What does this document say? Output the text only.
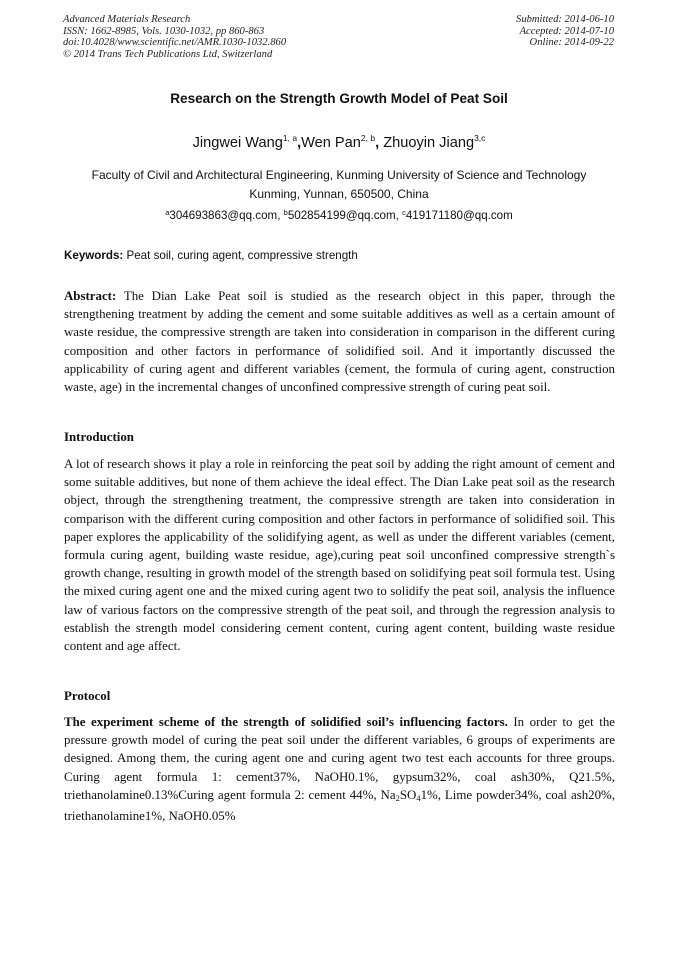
Advanced Materials Research
ISSN: 1662-8985, Vols. 1030-1032, pp 860-863
doi:10.4028/www.scientific.net/AMR.1030-1032.860
© 2014 Trans Tech Publications Ltd, Switzerland
Submitted: 2014-06-10
Accepted: 2014-07-10
Online: 2014-09-22
Research on the Strength Growth Model of Peat Soil
Jingwei Wang$^{1, a}$,Wen Pan$^{2, b}$, Zhuoyin Jiang$^{3,c}$
Faculty of Civil and Architectural Engineering, Kunming University of Science and Technology
Kunming, Yunnan, 650500, China
$^a$304693863@qq.com, $^b$502854199@qq.com, $^c$419171180@qq.com
Keywords: Peat soil, curing agent, compressive strength
Abstract: The Dian Lake Peat soil is studied as the research object in this paper, through the strengthening treatment by adding the cement and some suitable additives as well as a certain amount of waste residue, the compressive strength are taken into consideration in comparison in the different curing composition and other factors in performance of solidified soil. And it importantly discussed the applicability of curing agent and different variables (cement, the formula of curing agent, construction waste, age) in the incremental changes of unconfined compressive strength of curing peat soil.
Introduction
A lot of research shows it play a role in reinforcing the peat soil by adding the right amount of cement and some suitable additives, but none of them achieve the ideal effect. The Dian Lake peat soil as the research object, through the strengthening treatment, the compressive strength are taken into consideration in comparison with the different curing composition and other factors in performance of solidified soil. This paper explores the applicability of the solidifying agent, as well as under the different variables (cement, formula curing agent, building waste residue, age),curing peat soil unconfined compressive strength`s growth change, resulting in growth model of the strength based on solidifying peat soil formula test. Using the mixed curing agent one and the mixed curing agent two to solidify the peat soil, analysis the influence law of various factors on the compressive strength of the peat soil, and through the regression analysis to establish the strength model considering cement content, curing agent content, building waste residue content and age affect.
Protocol
The experiment scheme of the strength of solidified soil’s influencing factors. In order to get the pressure growth model of curing the peat soil under the different variables, 6 groups of experiments are designed. Among them, the curing agent one and curing agent two test each accounts for three groups. Curing agent formula 1: cement37%, NaOH0.1%, gypsum32%, coal ash30%, Q21.5%, triethanolamine0.13%Curing agent formula 2: cement 44%, $Na_2SO_41\%$, Lime powder34%, coal ash20%, triethanolamine1%, NaOH0.05%
